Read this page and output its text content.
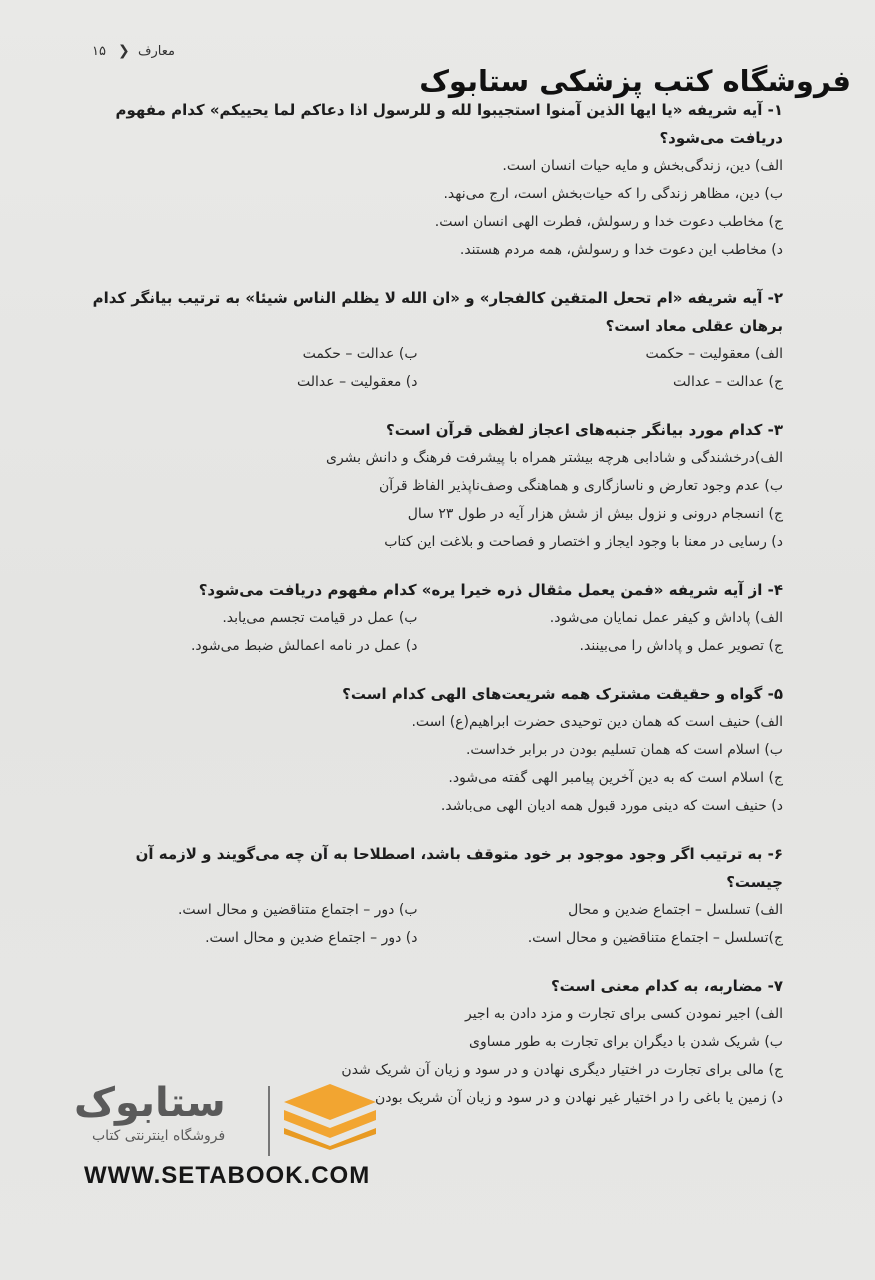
۱۵ ❮ معارف
فروشگاه کتب پزشکی ستابوک

۱- آیه شریفه «یا ایها الذین آمنوا استجیبوا لله و للرسول اذا دعاکم لما یحییکم» کدام مفهوم دریافت می‌شود؟

الف) دین، زندگی‌بخش و مایه حیات انسان است.

ب) دین، مظاهر زندگی را که حیات‌بخش است، ارج می‌نهد.

ج) مخاطب دعوت خدا و رسولش، فطرت الهی انسان است.

د) مخاطب این دعوت خدا و رسولش، همه مردم هستند.

۲- آیه شریفه «ام تحعل المتقین کالفجار» و «ان الله لا یظلم الناس شیئا» به ترتیب بیانگر کدام برهان عقلی معاد است؟

الف) معقولیت – حکمت

ب) عدالت – حکمت

ج) عدالت – عدالت

د) معقولیت – عدالت

۳- کدام مورد بیانگر جنبه‌های اعجاز لفظی قرآن است؟

الف)درخشندگی و شادابی هرچه بیشتر همراه با پیشرفت فرهنگ و دانش بشری

ب) عدم وجود تعارض و ناسازگاری و هماهنگی وصف‌ناپذیر الفاظ قرآن

ج) انسجام درونی و نزول بیش از شش هزار آیه در طول ۲۳ سال

د) رسایی در معنا با وجود ایجاز و اختصار و فصاحت و بلاغت این کتاب

۴- از آیه شریفه «فمن یعمل مثقال ذره خیرا یره» کدام مفهوم دریافت می‌شود؟

الف) پاداش و کیفر عمل نمایان می‌شود.

ب) عمل در قیامت تجسم می‌یابد.

ج) تصویر عمل و پاداش را می‌بینند.

د) عمل در نامه اعمالش ضبط می‌شود.

۵- گواه و حقیقت مشترک همه شریعت‌های الهی کدام است؟

الف) حنیف است که همان دین توحیدی حضرت ابراهیم(ع) است.

ب) اسلام است که همان تسلیم بودن در برابر خداست.

ج) اسلام است که به دین آخرین پیامبر الهی گفته می‌شود.

د) حنیف است که دینی مورد قبول همه ادیان الهی می‌باشد.

۶- به ترتیب اگر وجود موجود بر خود متوقف باشد، اصطلاحا به آن چه می‌گویند و لازمه آن چیست؟

الف) تسلسل – اجتماع ضدین و محال

ب) دور – اجتماع متناقضین و محال است.

ج)تسلسل – اجتماع متناقضین و محال است.

د) دور – اجتماع ضدین و محال است.

۷- مضاربه، به کدام معنی است؟

الف) اجیر نمودن کسی برای تجارت و مزد دادن به اجیر

ب) شریک شدن با دیگران برای تجارت به طور مساوی

ج) مالی برای تجارت در اختیار دیگری نهادن و در سود و زیان آن شریک شدن

د) زمین یا باغی را در اختیار غیر نهادن و در سود و زیان آن شریک بودن

ستابوک
فروشگاه اینترنتی کتاب
WWW.SETABOOK.COM
